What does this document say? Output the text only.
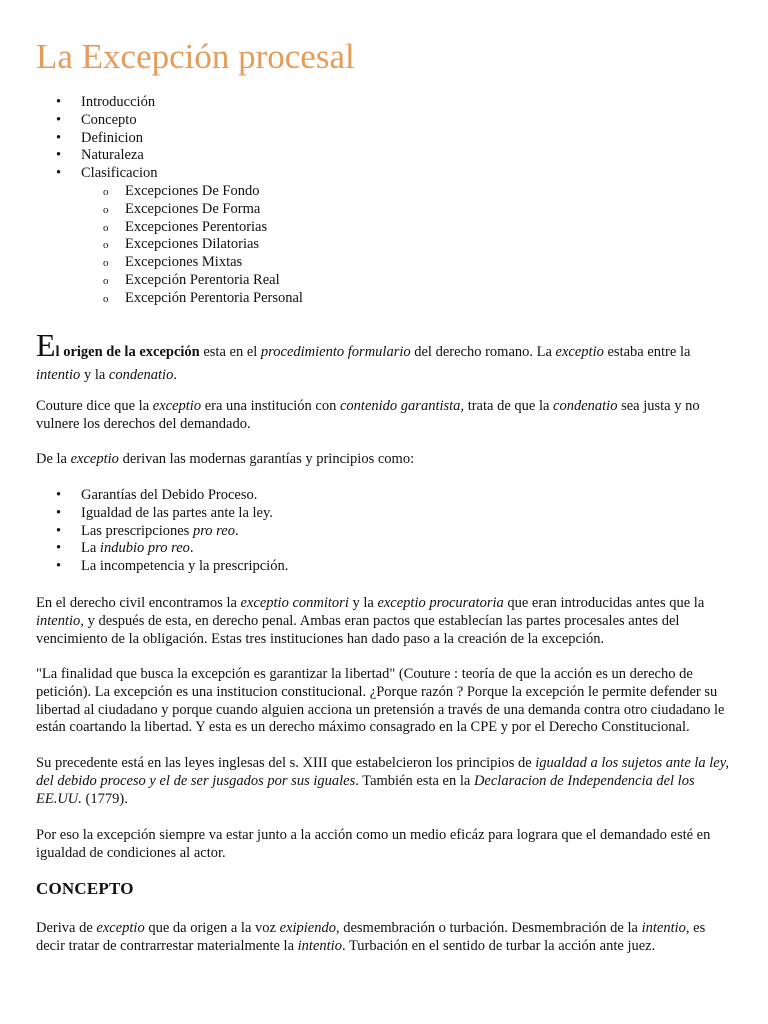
La Excepción procesal
• Introducción
• Concepto
• Definicion
• Naturaleza
• Clasificacion
o Excepciones De Fondo
o Excepciones De Forma
o Excepciones Perentorias
o Excepciones Dilatorias
o Excepciones Mixtas
o Excepción Perentoria Real
o Excepción Perentoria Personal

El origen de la excepción esta en el procedimiento formulario del derecho romano. La exceptio estaba entre la intentio y la condenatio.

Couture dice que la exceptio era una institución con contenido garantista, trata de que la condenatio sea justa y no vulnere los derechos del demandado.

De la exceptio derivan las modernas garantías y principios como:

• Garantías del Debido Proceso.
• Igualdad de las partes ante la ley.
• Las prescripciones pro reo.
• La indubio pro reo.
• La incompetencia y la prescripción.

En el derecho civil encontramos la exceptio conmitori y la exceptio procuratoria que eran introducidas antes que la intentio, y después de esta, en derecho penal. Ambas eran pactos que establecían las partes procesales antes del vencimiento de la obligación. Estas tres instituciones han dado paso a la creación de la excepción.

"La finalidad que busca la excepción es garantizar la libertad" (Couture : teoría de que la acción es un derecho de petición). La excepción es una institucion constitucional. ¿Porque razón ? Porque la excepción le permite defender su libertad al ciudadano y porque cuando alguien acciona un pretensión a través de una demanda contra otro ciudadano le están coartando la libertad. Y esta es un derecho máximo consagrado en la CPE y por el Derecho Constitucional.

Su precedente está en las leyes inglesas del s. XIII que estabelcieron los principios de igualdad a los sujetos ante la ley, del debido proceso y el de ser jusgados por sus iguales. También esta en la Declaracion de Independencia del los EE.UU. (1779).

Por eso la excepción siempre va estar junto a la acción como un medio eficáz para lograra que el demandado esté en igualdad de condiciones al actor.

CONCEPTO

Deriva de exceptio que da origen a la voz exipiendo, desmembración o turbación. Desmembración de la intentio, es decir tratar de contrarrestar materialmente la intentio. Turbación en el sentido de turbar la acción ante juez.
